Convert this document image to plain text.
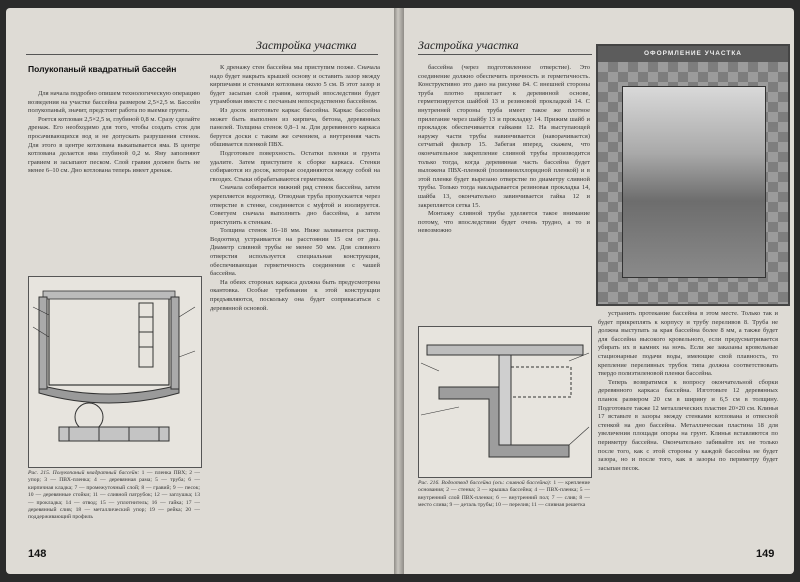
Застройка участка
Полукопаный квадратный бассейн

Для начала подробно опишем технологическую операцию возведения на участке бассейна размером 2,5×2,5 м. Бассейн полукопаный, значит, предстоит работа по выемке грунта.

Роется котлован 2,5×2,5 м, глубиной 0,8 м. Сразу сделайте дренаж. Его необходимо для того, чтобы создать сток для просачивающихся вод и не допускать разрушения стенок. Для этого в центре котлована выкапывается яма. В центре котлована делается яма глубиной 0,2 м. Яму заполняют гравием и засыпают песком. Слой гравия должен быть не менее 6–10 см. Дно котлована теперь имеет дренаж.

К дренажу стен бассейна мы приступим позже. Сначала надо будет накрыть крышей основу и оставить зазор между кирпичами и стенками котлована около 5 см. В этот зазор и будет засыпан слой гравия, который впоследствии будет утрамбован вместе с песчаным непосредственно бассейном.

Из досок изготовьте каркас бассейна. Каркас бассейна может быть выполнен из кирпича, бетона, деревянных панелей. Толщина стенок 0,8–1 м. Для деревянного каркаса берутся доски с таким же сечением, а внутренняя часть обшивается пленкой ПВХ.

Подготовьте поверхность. Остатки пленки и грунта удалите. Затем приступите к сборке каркаса. Стенки собираются из досок, которые соединяются между собой на гвоздях. Стыки обрабатываются герметиком.

Сначала собирается нижний ряд стенок бассейна, затем укрепляется водоотвод. Отводная труба пропускается через отверстие в стенке, соединяется с муфтой и изолируется. Советуем сначала выполнить дно бассейна, а затем приступить к стенкам.

Толщина стенок 16–18 мм. Ниже заливается раствор. Водоотвод устраивается на расстоянии 15 см от дна. Диаметр сливной трубы не менее 50 мм. Для сливного отверстия используется специальная конструкция, обеспечивающая герметичность соединения с чашей бассейна.

На обеих сторонах каркаса должна быть предусмотрена окантовка. Особые требования к этой конструкции предъявляются, поскольку она будет соприкасаться с деревянной основой.

Рис. 215. Полукопаный квадратный бассейн: 1 — пленка ПВХ; 2 — упор; 3 — ПВХ-пленка; 4 — деревянная рама; 5 — труба; 6 — кирпичная кладка; 7 — промежуточный слой; 8 — гравий; 9 — песок; 10 — деревянные стойки; 11 — сливной патрубок; 12 — заглушка; 13 — прокладка; 14 — отвод; 15 — уплотнитель; 16 — гайка; 17 — деревянный слив; 18 — металлический упор; 19 — рейка; 20 — поддерживающий профиль
148
Застройка участка

бассейна (через подготовленное отверстие). Это соединение должно обеспечить прочность и герметичность. Конструктивно это дано на рисунке 84. С внешней стороны труба плотно прилегает к деревянной основе, герметизируется шайбой 13 и резиновой прокладкой 14. С внутренней стороны труба имеет такое же плотное прилегание через шайбу 13 и прокладку 14. Прижим шайб и прокладок обеспечивается гайками 12. На выступающей наружу части трубы навинчивается (наворачивается) сетчатый фильтр 15. Забегая вперед, скажем, что окончательное закрепление сливной трубы производится только тогда, когда деревянная часть бассейна будет выложена ПВХ-пленкой (поливинилхлоридной пленкой) и в этой пленке будет вырезано отверстие по диаметру сливной трубы. Только тогда накладывается резиновая прокладка 14, шайба 13, окончательно завинчивается гайка 12 и закрепляется сетка 15.

Монтажу сливной трубы уделяется такое внимание потому, что впоследствии будет очень трудно, а то и невозможно

ОФОРМЛЕНИЕ УЧАСТКА
Рис. 216. Водоотвод бассейна (ось: сливной бассейна): 1 — крепление основания; 2 — стенка; 3 — крышка бассейна; 4 — ПВХ-пленка; 5 — внутренний слой ПВХ-пленки; 6 — внутренний пол; 7 — слив; 8 — место слива; 9 — деталь трубы; 10 — перелив; 11 — сливная решетка

устранить протекание бассейна в этом месте. Только так и будет прикреплять к корпусу и трубу переливов 8. Труба не должна выступать за края бассейна более 8 мм, а также будет для бассейна высокого кровельного, если предусматривается убирать их в камнях на ночь. Если же заказаны кровельные стационарные подачи воды, имеющие свой плавность, то крепление переливных трубок типа должна соответствовать твердо полиэтиленовой пленки бассейна.

Теперь возвратимся к вопросу окончательной сборки деревянного каркаса бассейна. Изготовьте 12 деревянных планок размером 20 см в ширину и 6,5 см в толщину. Подготовьте также 12 металлических пластин 20×20 см. Клинья 17 вставьте в зазоры между стенками котлована и отвесной стенкой на дно бассейна. Металлическая пластина 18 для увеличения площади опоры на грунт. Клинья вставляются по периметру бассейна. Окончательно забивайте их не только после того, как с этой стороны у каждой бассейна не будет зазора, но и после того, как в зазоры по периметру будет засыпан песок.

149
